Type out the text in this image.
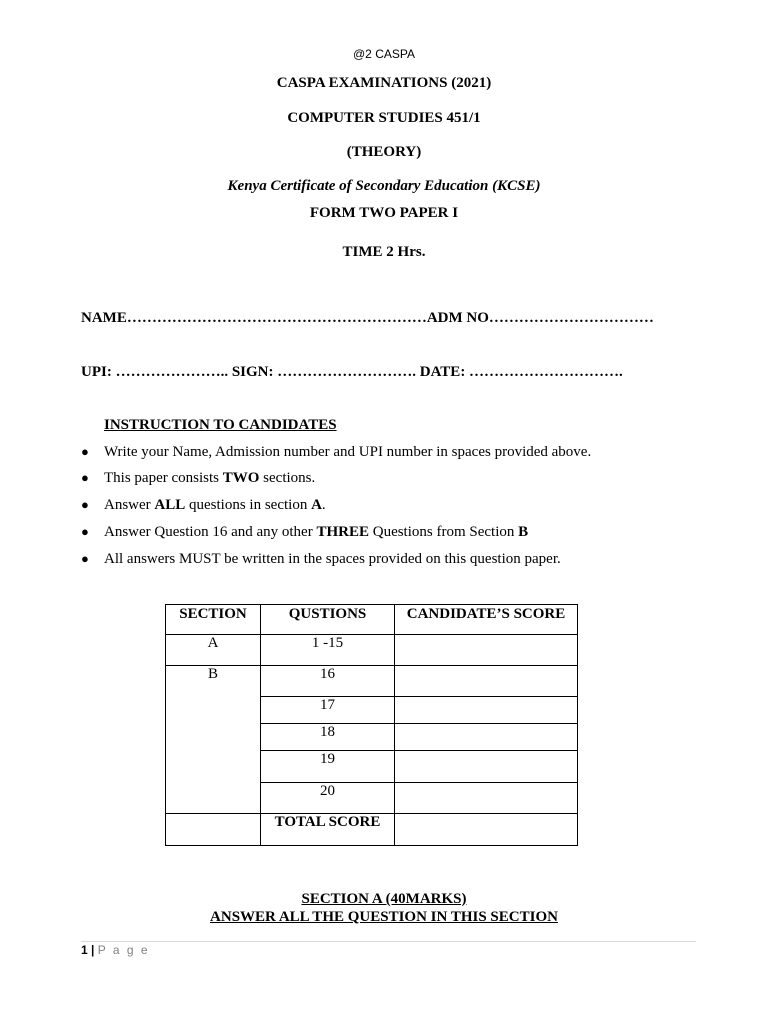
@2 CASPA
CASPA EXAMINATIONS (2021)
COMPUTER STUDIES 451/1
(THEORY)
Kenya Certificate of Secondary Education (KCSE)
FORM TWO PAPER I
TIME 2 Hrs.
NAME……………………………………………………ADM NO……………………………
UPI: ………………….. SIGN: ………………………. DATE: ………………………….
INSTRUCTION TO CANDIDATES
● Write your Name, Admission number and UPI number in spaces provided above.
● This paper consists TWO sections.
● Answer ALL questions in section A.
● Answer Question 16 and any other THREE Questions from Section B
● All answers MUST be written in the spaces provided on this question paper.
SECTION	QUSTIONS	CANDIDATE’S SCORE
A	1 -15	
B	16	
	17	
	18	
	19	
	20	
	TOTAL SCORE	
SECTION A (40MARKS)
ANSWER ALL THE QUESTION IN THIS SECTION
1 | P a g e
